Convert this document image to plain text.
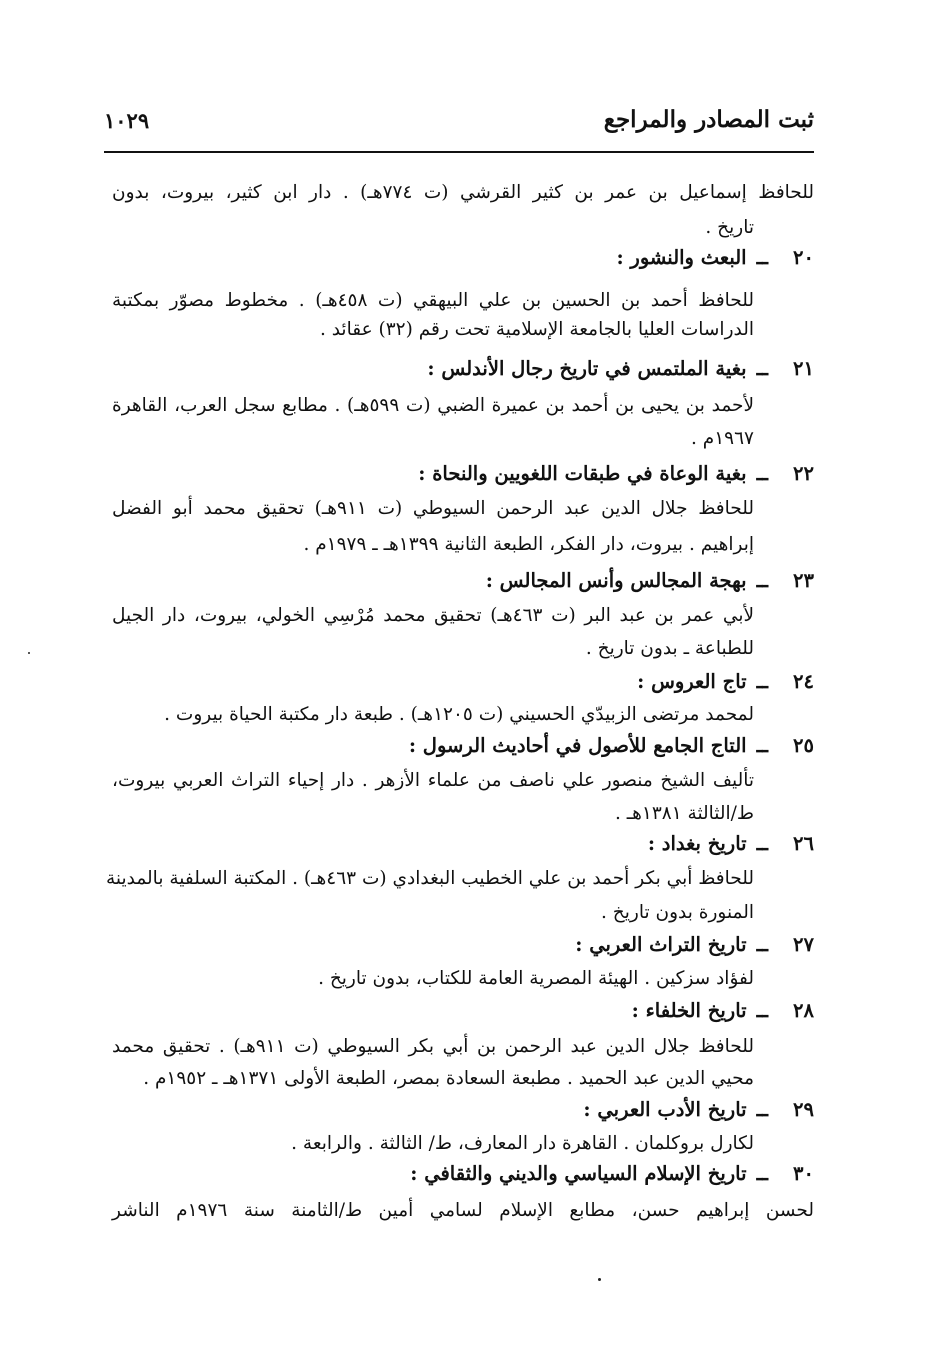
ثبت المصادر والمراجع
١٠٢٩
للحافظ إسماعيل بن عمر بن كثير القرشي (ت ٧٧٤هـ) . دار ابن كثير، بيروت، بدون
تاريخ .
٢٠ــالبعث والنشور :
للحافظ أحمد بن الحسين بن علي البيهقي (ت ٤٥٨هـ) . مخطوط مصوّر بمكتبة
الدراسات العليا بالجامعة الإسلامية تحت رقم (٣٢) عقائد .
٢١ــبغية الملتمس في تاريخ رجال الأندلس :
لأحمد بن يحيى بن أحمد بن عميرة الضبي (ت ٥٩٩هـ) . مطابع سجل العرب، القاهرة
١٩٦٧م .
٢٢ــبغية الوعاة في طبقات اللغويين والنحاة :
للحافظ جلال الدين عبد الرحمن السيوطي (ت ٩١١هـ) تحقيق محمد أبو الفضل
إبراهيم . بيروت، دار الفكر، الطبعة الثانية ١٣٩٩هـ ـ ١٩٧٩م .
٢٣ــبهجة المجالس وأنس المجالس :
لأبي عمر بن عبد البر (ت ٤٦٣هـ) تحقيق محمد مُرْسِي الخولي، بيروت، دار الجيل
للطباعة ـ بدون تاريخ .
٢٤ــتاج العروس :
لمحمد مرتضى الزبيدّي الحسيني (ت ١٢٠٥هـ) . طبعة دار مكتبة الحياة بيروت .
٢٥ــالتاج الجامع للأصول في أحاديث الرسول :
تأليف الشيخ منصور علي ناصف من علماء الأزهر . دار إحياء التراث العربي بيروت،
ط/الثالثة ١٣٨١هـ .
٢٦ــتاريخ بغداد :
للحافظ أبي بكر أحمد بن علي الخطيب البغدادي (ت ٤٦٣هـ) . المكتبة السلفية بالمدينة
المنورة بدون تاريخ .
٢٧ــتاريخ التراث العربي :
لفؤاد سزكين . الهيئة المصرية العامة للكتاب، بدون تاريخ .
٢٨ــتاريخ الخلفاء :
للحافظ جلال الدين عبد الرحمن بن أبي بكر السيوطي (ت ٩١١هـ) . تحقيق محمد
محيي الدين عبد الحميد . مطبعة السعادة بمصر، الطبعة الأولى ١٣٧١هـ ـ ١٩٥٢م .
٢٩ــتاريخ الأدب العربي :
لكارل بروكلمان . القاهرة دار المعارف، ط/ الثالثة . والرابعة .
٣٠ــتاريخ الإسلام السياسي والديني والثقافي :
لحسن إبراهيم حسن، مطابع الإسلام لسامي أمين ط/الثامنة سنة ١٩٧٦م الناشر
